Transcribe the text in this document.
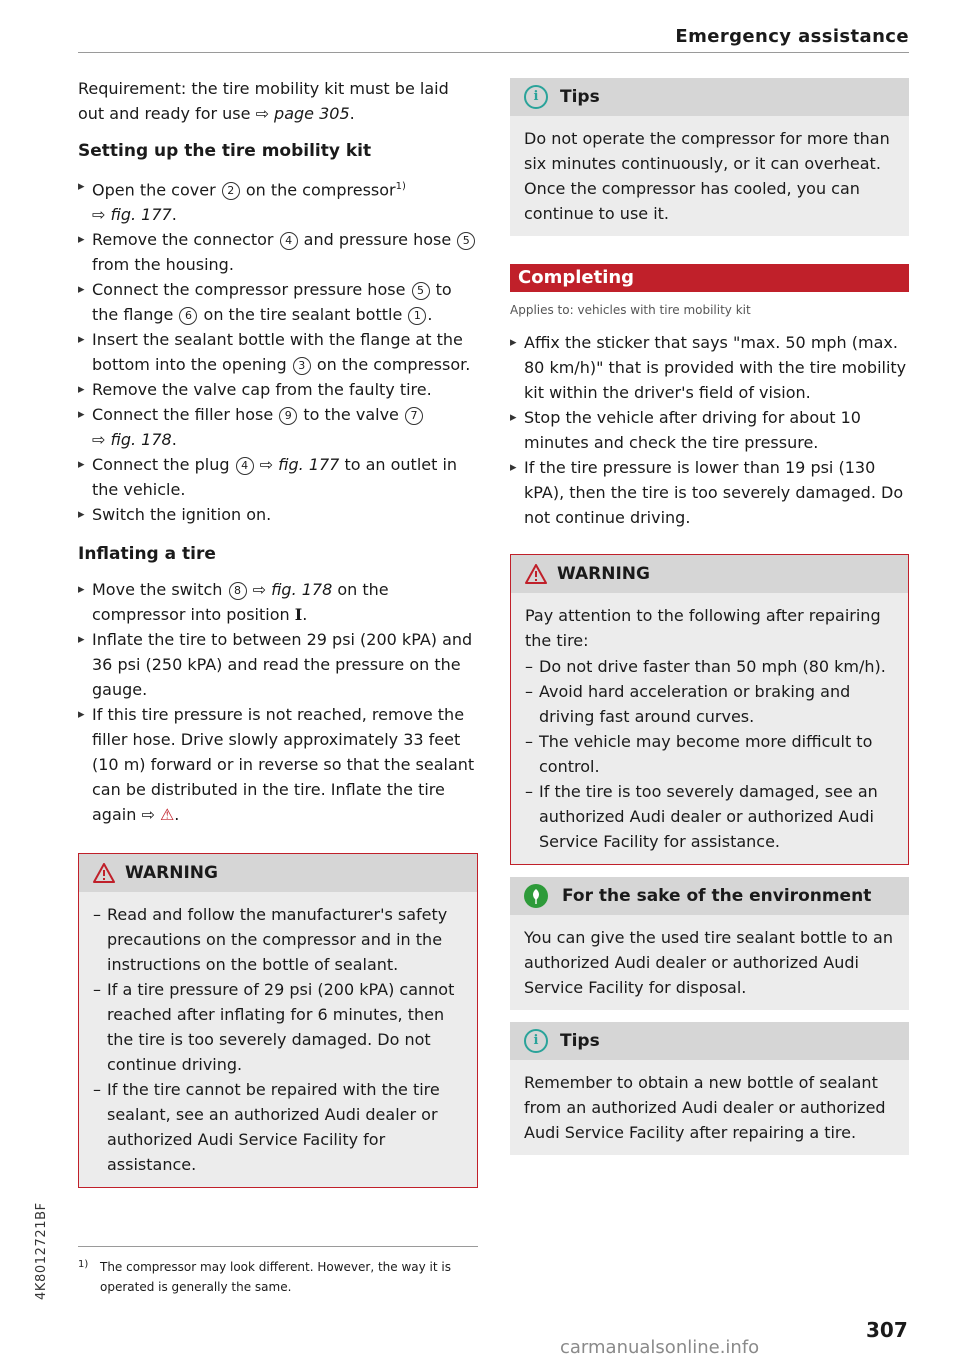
Emergency assistance

Requirement: the tire mobility kit must be laid out and ready for use ⇨ page 305.

Setting up the tire mobility kit
▸ Open the cover 2 on the compressor$^{1)}$
⇨ fig. 177.
▸ Remove the connector 4 and pressure hose 5 from the housing.
▸ Connect the compressor pressure hose 5 to the flange 6 on the tire sealant bottle 1 .
▸ Insert the sealant bottle with the flange at the bottom into the opening 3 on the compressor.
▸ Remove the valve cap from the faulty tire.
▸ Connect the filler hose 9 to the valve 7
⇨ fig. 178.
▸ Connect the plug 4 ⇨ fig. 177 to an outlet in the vehicle.
▸ Switch the ignition on.
Inflating a tire
▸ Move the switch 8 ⇨ fig. 178 on the compressor into position I.
▸ Inflate the tire to between 29 psi (200 kPA) and 36 psi (250 kPA) and read the pressure on the gauge.
▸ If this tire pressure is not reached, remove the filler hose. Drive slowly approximately 33 feet (10 m) forward or in reverse so that the sealant can be distributed in the tire. Inflate the tire again ⇨ ⚠.
WARNING
– Read and follow the manufacturer's safety precautions on the compressor and in the instructions on the bottle of sealant.
– If a tire pressure of 29 psi (200 kPA) cannot reached after inflating for 6 minutes, then the tire is too severely damaged. Do not continue driving.
– If the tire cannot be repaired with the tire sealant, see an authorized Audi dealer or authorized Audi Service Facility for assistance.
i	Tips

Do not operate the compressor for more than six minutes continuously, or it can overheat. Once the compressor has cooled, you can continue to use it.

Completing
Applies to: vehicles with tire mobility kit
▸ Affix the sticker that says "max. 50 mph (max. 80 km/h)" that is provided with the tire mobility kit within the driver's field of vision.
▸ Stop the vehicle after driving for about 10 minutes and check the tire pressure.
▸ If the tire pressure is lower than 19 psi (130 kPA), then the tire is too severely damaged. Do not continue driving.
WARNING

Pay attention to the following after repairing the tire:

– Do not drive faster than 50 mph (80 km/h).
– Avoid hard acceleration or braking and driving fast around curves.
– The vehicle may become more difficult to control.
– If the tire is too severely damaged, see an authorized Audi dealer or authorized Audi Service Facility for assistance.
For the sake of the environment

You can give the used tire sealant bottle to an authorized Audi dealer or authorized Audi Service Facility for disposal.

i	Tips

Remember to obtain a new bottle of sealant from an authorized Audi dealer or authorized Audi Service Facility after repairing a tire.

1) The compressor may look different. However, the way it is operated is generally the same.
4K8012721BF
307
carmanualsonline.info
